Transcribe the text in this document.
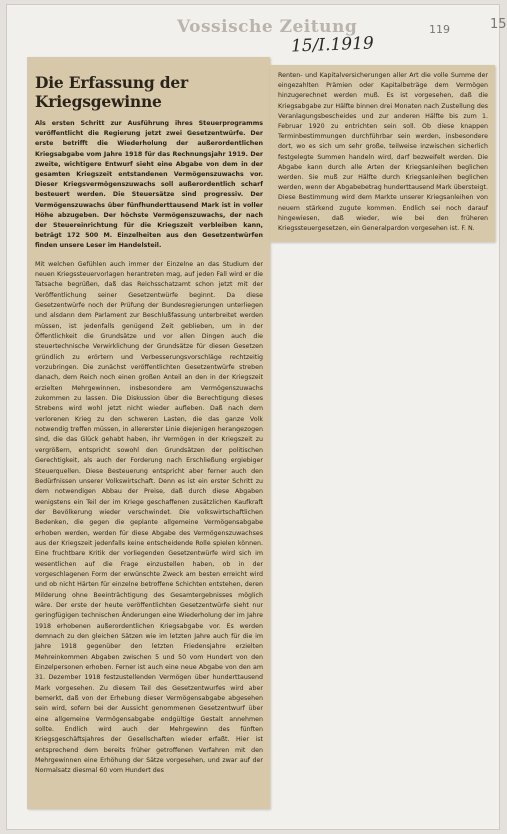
Vossische Zeitung
15/I.1919
119	15
Die Erfassung der Kriegsgewinne

Als ersten Schritt zur Ausführung ihres Steuerprogramms veröffentlicht die Regierung jetzt zwei Gesetzentwürfe. Der erste betrifft die Wiederholung der außerordentlichen Kriegsabgabe vom Jahre 1918 für das Rechnungsjahr 1919. Der zweite, wichtigere Entwurf sieht eine Abgabe von dem in der gesamten Kriegszeit entstandenen Vermögenszuwachs vor. Dieser Kriegsvermögenszuwachs soll außerordentlich scharf besteuert werden. Die Steuersätze sind progressiv. Der Vermögenszuwachs über fünfhunderttausend Mark ist in voller Höhe abzugeben. Der höchste Vermögenszuwachs, der nach der Steuereinrichtung für die Kriegszeit verbleiben kann, beträgt 172 500 M. Einzelheiten aus den Gesetzentwürfen finden unsere Leser im Handelsteil.

Mit welchen Gefühlen auch immer der Einzelne an das Studium der neuen Kriegssteuervorlagen herantreten mag, auf jeden Fall wird er die Tatsache begrüßen, daß das Reichsschatzamt schon jetzt mit der Veröffentlichung seiner Gesetzentwürfe beginnt. Da diese Gesetzentwürfe noch der Prüfung der Bundesregierungen unterliegen und alsdann dem Parlament zur Beschlußfassung unterbreitet werden müssen, ist jedenfalls genügend Zeit geblieben, um in der Öffentlichkeit die Grundsätze und vor allen Dingen auch die steuertechnische Verwirklichung der Grundsätze für diesen Gesetzen gründlich zu erörtern und Verbesserungsvorschläge rechtzeitig vorzubringen. Die zunächst veröffentlichten Gesetzentwürfe streben danach, dem Reich noch einen großen Anteil an den in der Kriegszeit erzielten Mehrgewinnen, insbesondere am Vermögenszuwachs zukommen zu lassen. Die Diskussion über die Berechtigung dieses Strebens wird wohl jetzt nicht wieder aufleben. Daß nach dem verlorenen Krieg zu den schweren Lasten, die das ganze Volk notwendig treffen müssen, in allererster Linie diejenigen herangezogen sind, die das Glück gehabt haben, ihr Vermögen in der Kriegszeit zu vergrößern, entspricht sowohl den Grundsätzen der politischen Gerechtigkeit, als auch der Forderung nach Erschließung ergiebiger Steuerquellen. Diese Besteuerung entspricht aber ferner auch den Bedürfnissen unserer Volkswirtschaft. Denn es ist ein erster Schritt zu dem notwendigen Abbau der Preise, daß durch diese Abgaben wenigstens ein Teil der im Kriege geschaffenen zusätzlichen Kaufkraft der Bevölkerung wieder verschwindet. Die volkswirtschaftlichen Bedenken, die gegen die geplante allgemeine Vermögensabgabe erhoben werden, werden für diese Abgabe des Vermögenszuwachses aus der Kriegszeit jedenfalls keine entscheidende Rolle spielen können. Eine fruchtbare Kritik der vorliegenden Gesetzentwürfe wird sich im wesentlichen auf die Frage einzustellen haben, ob in der vorgeschlagenen Form der erwünschte Zweck am besten erreicht wird und ob nicht Härten für einzelne betroffene Schichten entstehen, deren Milderung ohne Beeinträchtigung des Gesamtergebnisses möglich wäre. Der erste der heute veröffentlichten Gesetzentwürfe sieht nur geringfügigen technischen Änderungen eine Wiederholung der im Jahre 1918 erhobenen außerordentlichen Kriegsabgabe vor. Es werden demnach zu den gleichen Sätzen wie im letzten Jahre auch für die im Jahre 1918 gegenüber den letzten Friedensjahre erzielten Mehreinkommen Abgaben zwischen 5 und 50 vom Hundert von den Einzelpersonen erhoben. Ferner ist auch eine neue Abgabe von den am 31. Dezember 1918 festzustellenden Vermögen über hunderttausend Mark vorgesehen. Zu diesem Teil des Gesetzentwurfes wird aber bemerkt, daß von der Erhebung dieser Vermögensabgabe abgesehen sein wird, sofern bei der Aussicht genommenen Gesetzentwurf über eine allgemeine Vermögensabgabe endgültige Gestalt annehmen sollte. Endlich wird auch der Mehrgewinn des fünften Kriegsgeschäftsjahres der Gesellschaften wieder erfaßt. Hier ist entsprechend dem bereits früher getroffenen Verfahren mit den Mehrgewinnen eine Erhöhung der Sätze vorgesehen, und zwar auf der Normalsatz diesmal 60 vom Hundert des

Renten- und Kapitalversicherungen aller Art die volle Summe der eingezahlten Prämien oder Kapitalbeträge dem Vermögen hinzugerechnet werden muß. Es ist vorgesehen, daß die Kriegsabgabe zur Hälfte binnen drei Monaten nach Zustellung des Veranlagungsbescheides und zur anderen Hälfte bis zum 1. Februar 1920 zu entrichten sein soll. Ob diese knappen Terminbestimmungen durchführbar sein werden, insbesondere dort, wo es sich um sehr große, teilweise inzwischen sicherlich festgelegte Summen handeln wird, darf bezweifelt werden. Die Abgabe kann durch alle Arten der Kriegsanleihen beglichen werden. Sie muß zur Hälfte durch Kriegsanleihen beglichen werden, wenn der Abgabebetrag hunderttausend Mark übersteigt. Diese Bestimmung wird dem Markte unserer Kriegsanleihen von neuem stärkend zugute kommen. Endlich sei noch darauf hingewiesen, daß wieder, wie bei den früheren Kriegssteuergesetzen, ein Generalpardon vorgesehen ist. F. N.
